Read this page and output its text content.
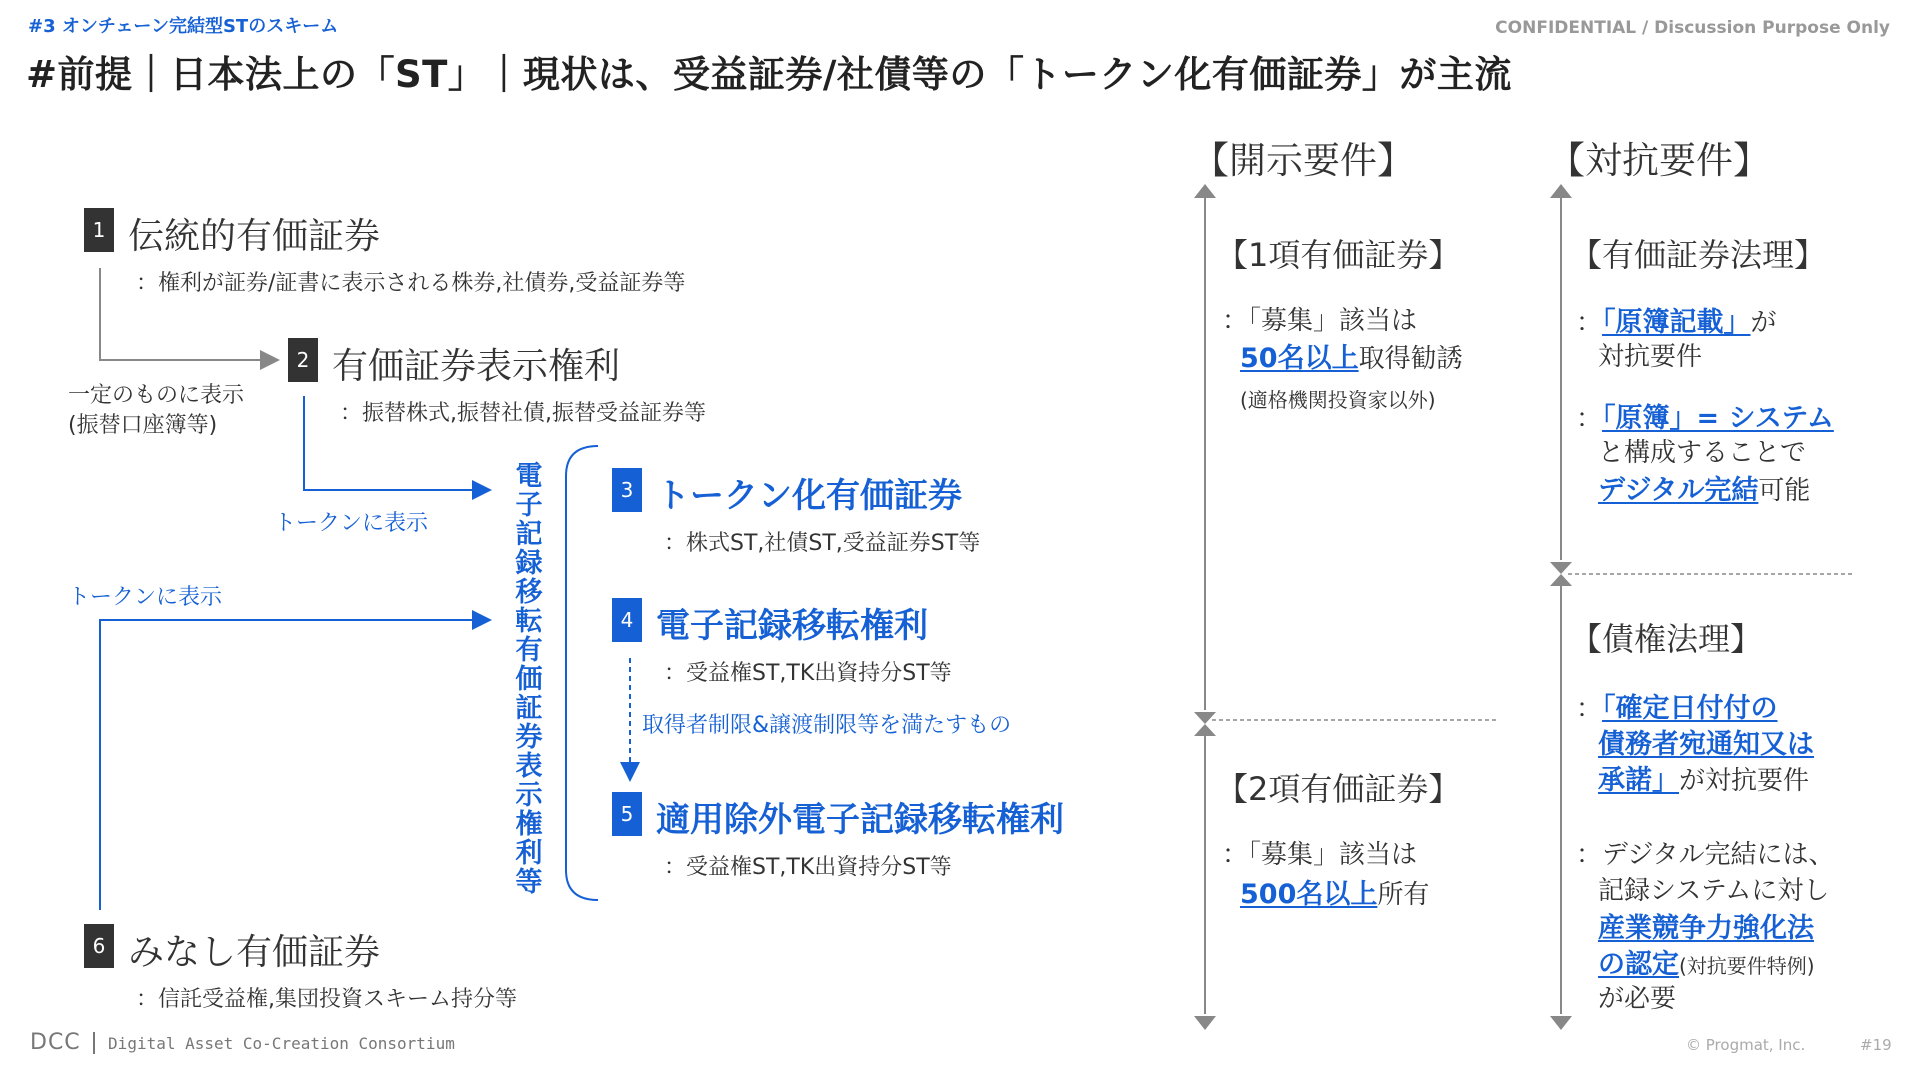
#3 オンチェーン完結型STのスキーム	CONFIDENTIAL / Discussion Purpose Only
#前提｜日本法上の「ST」｜現状は、受益証券/社債等の「トークン化有価証券」が主流
1 伝統的有価証券
：権利が証券/証書に表示される株券,社債券,受益証券等
一定のものに表示
(振替口座簿等)
2 有価証券表示権利
：振替株式,振替社債,振替受益証券等
トークンに表示
トークンに表示
電子記録移転有価証券表示権利等
3 トークン化有価証券
：株式ST,社債ST,受益証券ST等
4 電子記録移転権利
：受益権ST,TK出資持分ST等
取得者制限&譲渡制限等を満たすもの
5 適用除外電子記録移転権利
：受益権ST,TK出資持分ST等
6 みなし有価証券
：信託受益権,集団投資スキーム持分等
【開示要件】
【1項有価証券】
：「募集」該当は
50名以上取得勧誘
(適格機関投資家以外)
【2項有価証券】
：「募集」該当は
500名以上所有
【対抗要件】
【有価証券法理】
：「原簿記載」が
対抗要件
：「原簿」= システム
と構成することで
デジタル完結可能
【債権法理】
：「確定日付付の
債務者宛通知又は
承諾」が対抗要件
：デジタル完結には、
記録システムに対し
産業競争力強化法
の認定(対抗要件特例)
が必要
DCC Digital Asset Co-Creation Consortium	© Progmat, Inc.	#19
